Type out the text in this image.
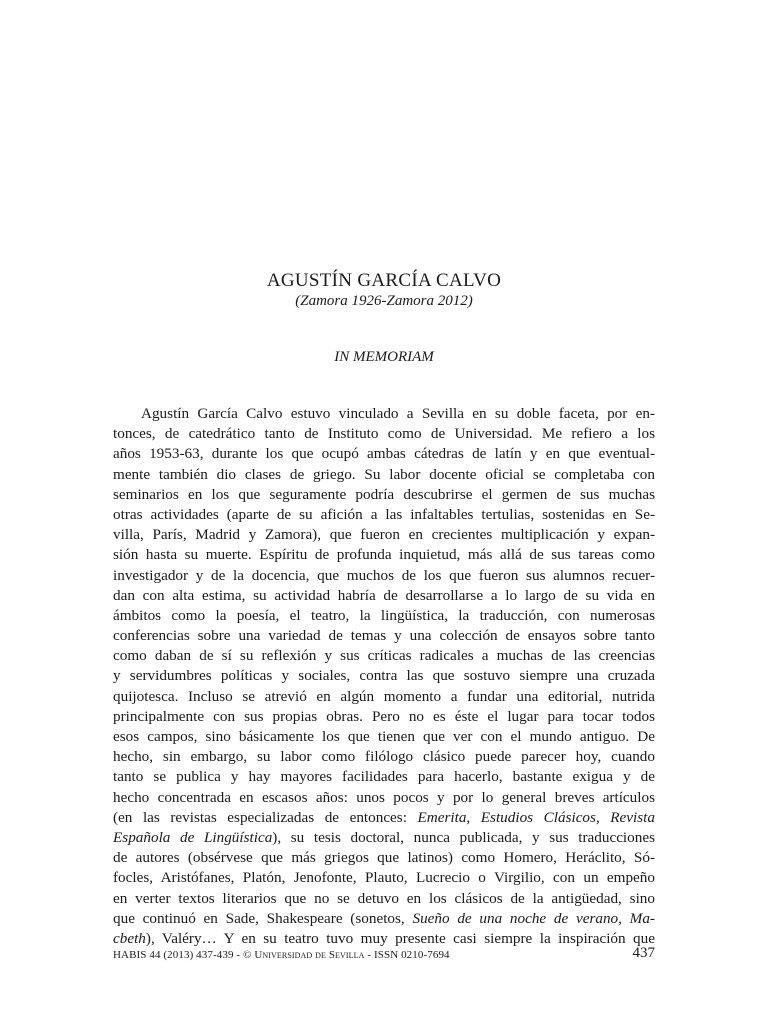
AGUSTÍN GARCÍA CALVO
(Zamora 1926-Zamora 2012)
IN MEMORIAM
Agustín García Calvo estuvo vinculado a Sevilla en su doble faceta, por en-
tonces, de catedrático tanto de Instituto como de Universidad. Me refiero a los
años 1953-63, durante los que ocupó ambas cátedras de latín y en que eventual-
mente también dio clases de griego. Su labor docente oficial se completaba con
seminarios en los que seguramente podría descubrirse el germen de sus muchas
otras actividades (aparte de su afición a las infaltables tertulias, sostenidas en Se-
villa, París, Madrid y Zamora), que fueron en crecientes multiplicación y expan-
sión hasta su muerte. Espíritu de profunda inquietud, más allá de sus tareas como
investigador y de la docencia, que muchos de los que fueron sus alumnos recuer-
dan con alta estima, su actividad habría de desarrollarse a lo largo de su vida en
ámbitos como la poesía, el teatro, la lingüística, la traducción, con numerosas
conferencias sobre una variedad de temas y una colección de ensayos sobre tanto
como daban de sí su reflexión y sus críticas radicales a muchas de las creencias
y servidumbres políticas y sociales, contra las que sostuvo siempre una cruzada
quijotesca. Incluso se atrevió en algún momento a fundar una editorial, nutrida
principalmente con sus propias obras. Pero no es éste el lugar para tocar todos
esos campos, sino básicamente los que tienen que ver con el mundo antiguo. De
hecho, sin embargo, su labor como filólogo clásico puede parecer hoy, cuando
tanto se publica y hay mayores facilidades para hacerlo, bastante exigua y de
hecho concentrada en escasos años: unos pocos y por lo general breves artículos
(en las revistas especializadas de entonces: Emerita, Estudios Clásicos, Revista
Española de Lingüística), su tesis doctoral, nunca publicada, y sus traducciones
de autores (obsérvese que más griegos que latinos) como Homero, Heráclito, Só-
focles, Aristófanes, Platón, Jenofonte, Plauto, Lucrecio o Virgilio, con un empeño
en verter textos literarios que no se detuvo en los clásicos de la antigüedad, sino
que continuó en Sade, Shakespeare (sonetos, Sueño de una noche de verano, Ma-
cbeth), Valéry… Y en su teatro tuvo muy presente casi siempre la inspiración que
HABIS 44 (2013) 437-439 - © Universidad de Sevilla - ISSN 0210-7694	437
